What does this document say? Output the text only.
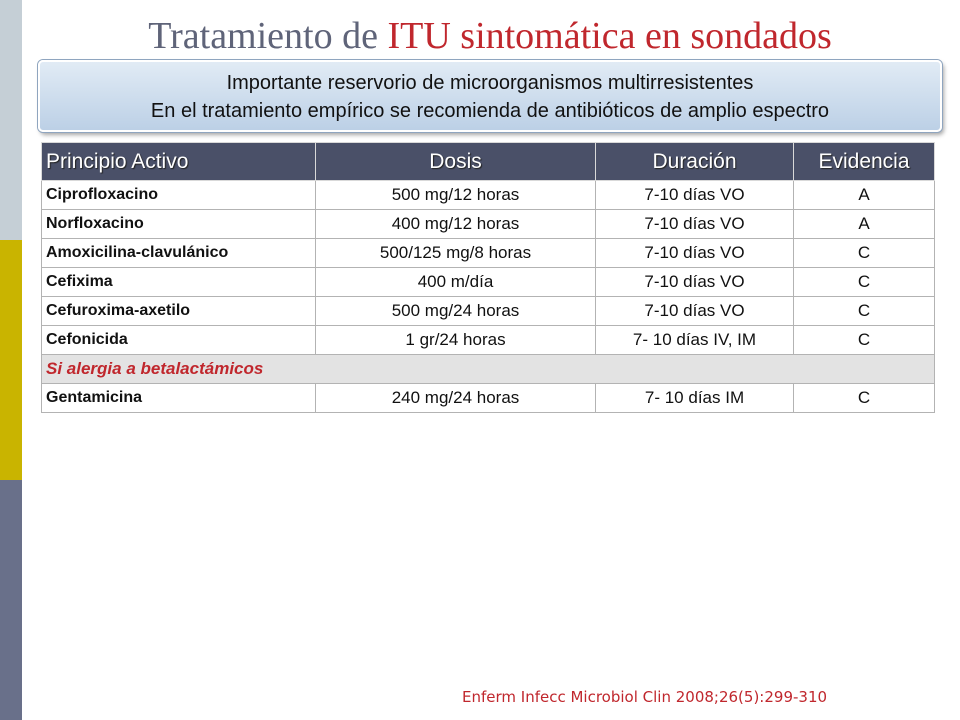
Tratamiento de ITU sintomática en sondados
Importante reservorio de microorganismos multirresistentes
En el tratamiento empírico se recomienda de antibióticos de amplio espectro
Principio Activo	Dosis	Duración	Evidencia
Ciprofloxacino	500 mg/12 horas	7-10 días VO	A
Norfloxacino	400 mg/12 horas	7-10 días VO	A
Amoxicilina-clavulánico	500/125 mg/8 horas	7-10 días VO	C
Cefixima	400 m/día	7-10 días VO	C
Cefuroxima-axetilo	500 mg/24 horas	7-10 días VO	C
Cefonicida	1 gr/24 horas	7- 10 días IV, IM	C
Si alergia a betalactámicos			
Gentamicina	240 mg/24 horas	7- 10 días IM	C
Enferm Infecc Microbiol Clin 2008;26(5):299-310
